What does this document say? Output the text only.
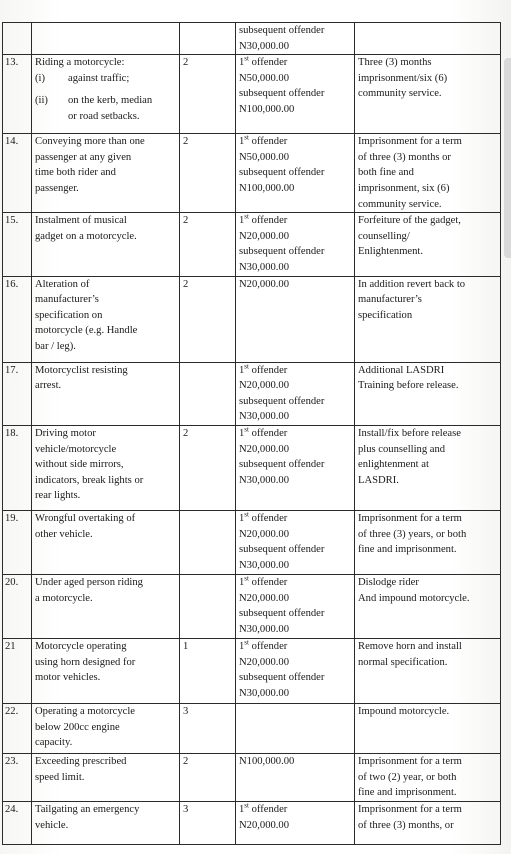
			subsequent offender
N30,000.00	

13.	Riding a motorcycle:
(i) against traffic;
(ii) on the kerb, median
or road setbacks.	2	1st offender
N50,000.00
subsequent offender
N100,000.00	Three (3) months
imprisonment/six (6)
community service.

14.	Conveying more than one
passenger at any given
time both rider and
passenger.	2	1st offender
N50,000.00
subsequent offender
N100,000.00	Imprisonment for a term
of three (3) months or
both fine and
imprisonment, six (6)
community service.

15.	Instalment of musical
gadget on a motorcycle.	2	1st offender
N20,000.00
subsequent offender
N30,000.00	Forfeiture of the gadget,
counselling/
Enlightenment.

16.	Alteration of
manufacturer’s
specification on
motorcycle (e.g. Handle
bar / leg).	2	N20,000.00	In addition revert back to
manufacturer’s
specification

17.	Motorcyclist resisting
arrest.		1st offender
N20,000.00
subsequent offender
N30,000.00	Additional LASDRI
Training before release.

18.	Driving motor
vehicle/motorcycle
without side mirrors,
indicators, break lights or
rear lights.	2	1st offender
N20,000.00
subsequent offender
N30,000.00	Install/fix before release
plus counselling and
enlightenment at
LASDRI.

19.	Wrongful overtaking of
other vehicle.		1st offender
N20,000.00
subsequent offender
N30,000.00	Imprisonment for a term
of three (3) years, or both
fine and imprisonment.

20.	Under aged person riding
a motorcycle.		1st offender
N20,000.00
subsequent offender
N30,000.00	Dislodge rider
And impound motorcycle.

21	Motorcycle operating
using horn designed for
motor vehicles.	1	1st offender
N20,000.00
subsequent offender
N30,000.00	Remove horn and install
normal specification.

22.	Operating a motorcycle
below 200cc engine
capacity.	3		Impound motorcycle.

23.	Exceeding prescribed
speed limit.	2	N100,000.00	Imprisonment for a term
of two (2) year, or both
fine and imprisonment.

24.	Tailgating an emergency
vehicle.	3	1st offender
N20,000.00	Imprisonment for a term
of three (3) months, or
